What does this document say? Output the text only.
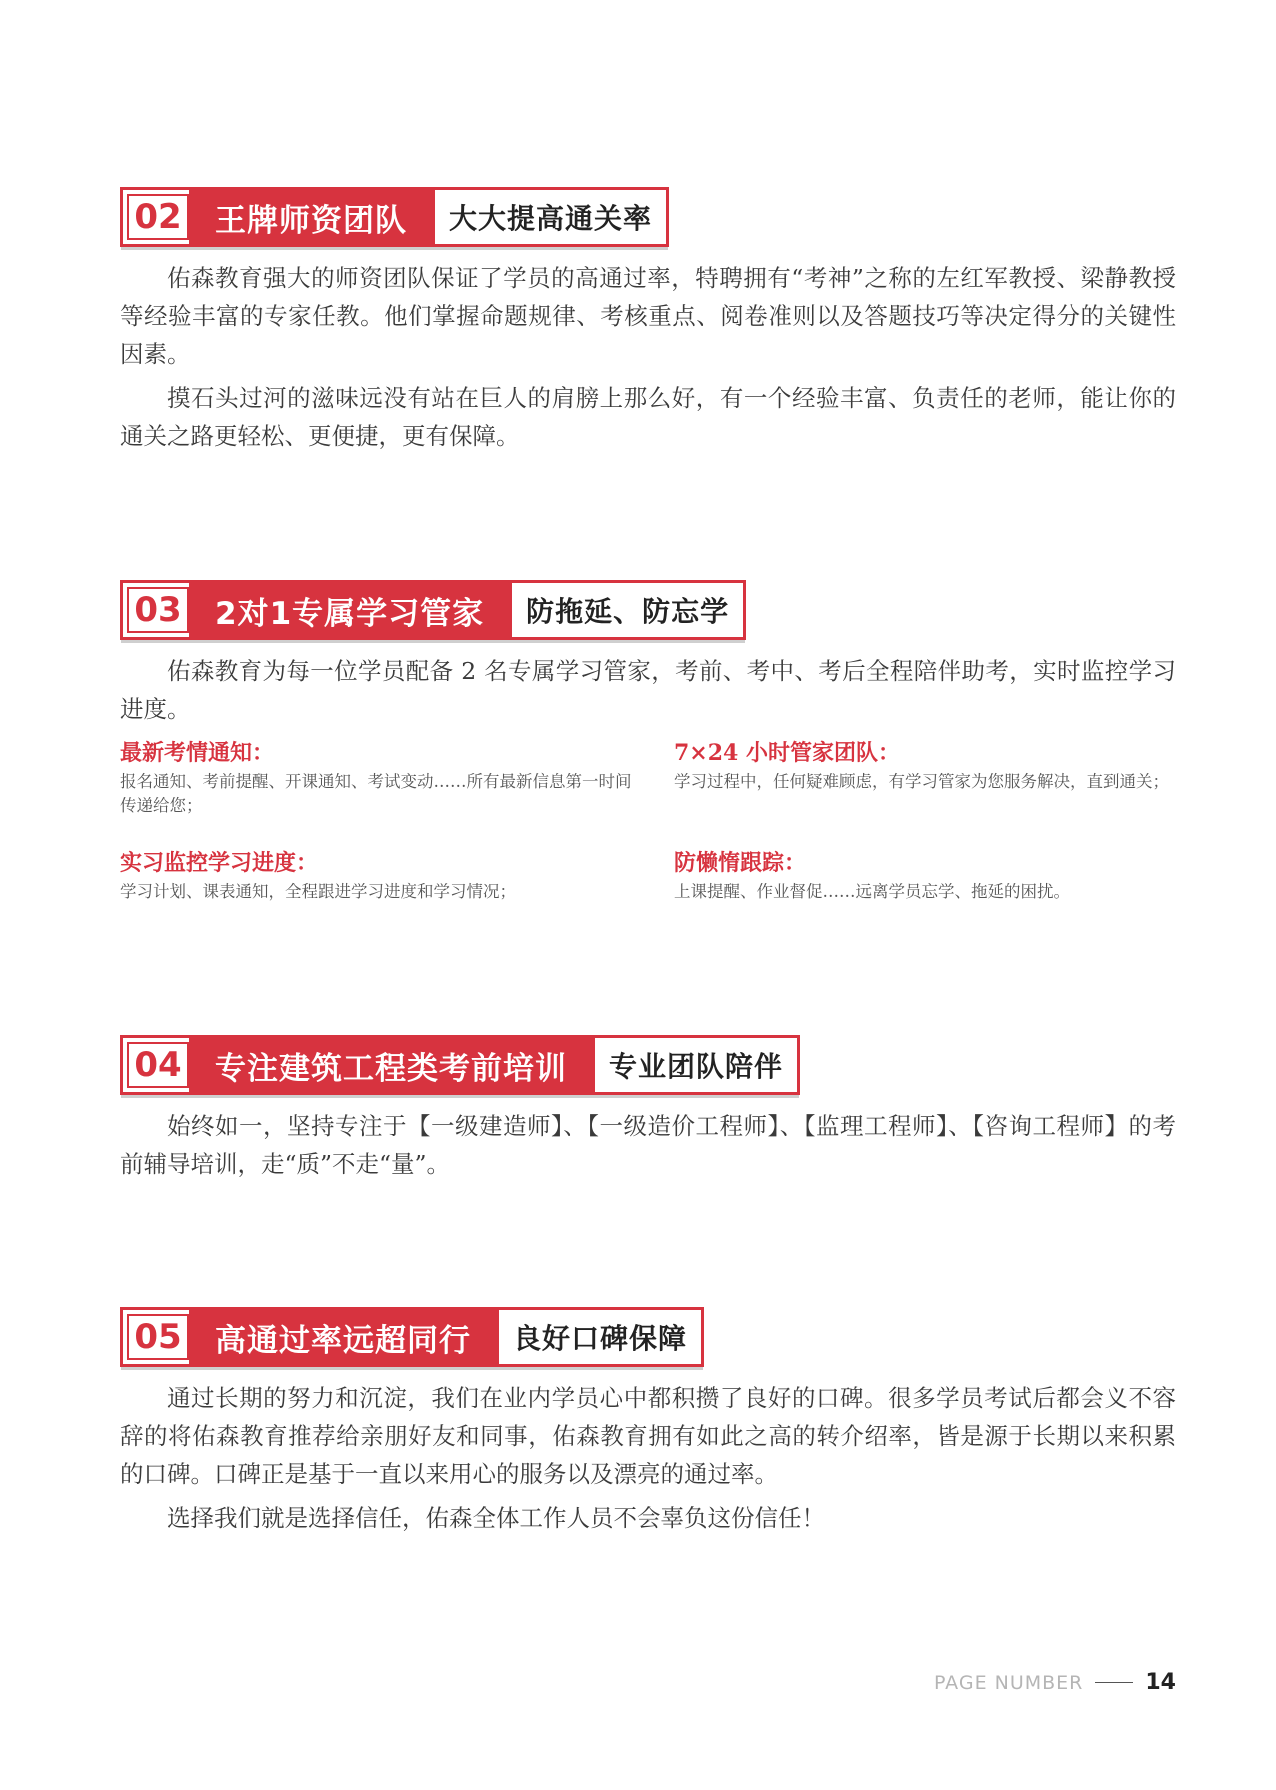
02	王牌师资团队	大大提高通关率

佑森教育强大的师资团队保证了学员的高通过率，特聘拥有“考神”之称的左红军教授、梁静教授等经验丰富的专家任教。他们掌握命题规律、考核重点、阅卷准则以及答题技巧等决定得分的关键性因素。

摸石头过河的滋味远没有站在巨人的肩膀上那么好，有一个经验丰富、负责任的老师，能让你的通关之路更轻松、更便捷，更有保障。

03	2对1专属学习管家	防拖延、防忘学

佑森教育为每一位学员配备 2 名专属学习管家，考前、考中、考后全程陪伴助考，实时监控学习进度。

最新考情通知：

报名通知、考前提醒、开课通知、考试变动……所有最新信息第一时间传递给您；

7×24 小时管家团队：

学习过程中，任何疑难顾虑，有学习管家为您服务解决，直到通关；

实习监控学习进度：

学习计划、课表通知，全程跟进学习进度和学习情况；

防懒惰跟踪：

上课提醒、作业督促……远离学员忘学、拖延的困扰。

04	专注建筑工程类考前培训	专业团队陪伴

始终如一，坚持专注于【一级建造师】、【一级造价工程师】、【监理工程师】、【咨询工程师】的考前辅导培训，走“质”不走“量”。

05	高通过率远超同行	良好口碑保障

通过长期的努力和沉淀，我们在业内学员心中都积攒了良好的口碑。很多学员考试后都会义不容辞的将佑森教育推荐给亲朋好友和同事，佑森教育拥有如此之高的转介绍率，皆是源于长期以来积累的口碑。口碑正是基于一直以来用心的服务以及漂亮的通过率。

选择我们就是选择信任，佑森全体工作人员不会辜负这份信任！

PAGE NUMBER	14
